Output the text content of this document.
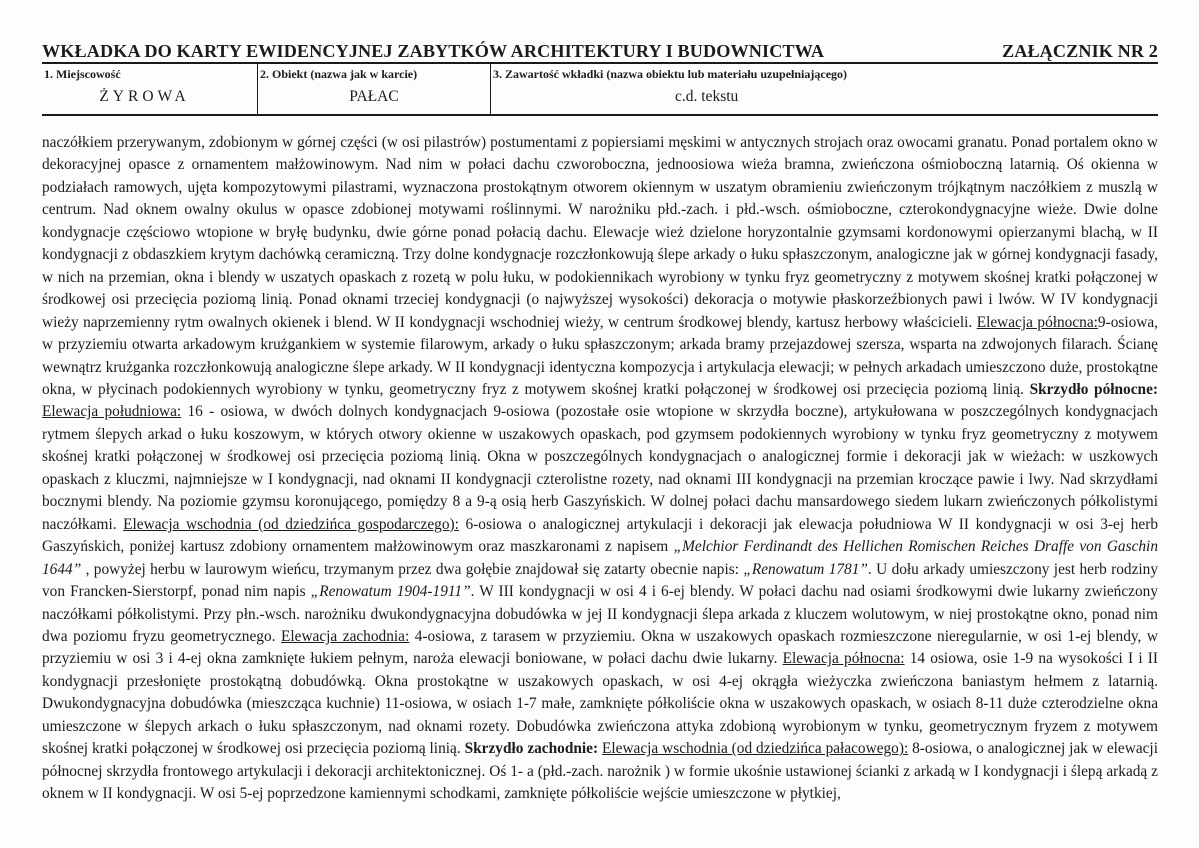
WKŁADKA DO KARTY EWIDENCYJNEJ ZABYTKÓW ARCHITEKTURY I BUDOWNICTWA	ZAŁĄCZNIK NR 2
1. Miejscowość
ŻYROWA
2. Obiekt (nazwa jak w karcie)
PAŁAC
3. Zawartość wkładki (nazwa obiektu lub materiału uzupełniającego)
c.d. tekstu

naczółkiem przerywanym, zdobionym w górnej części (w osi pilastrów) postumentami z popiersiami męskimi w antycznych strojach oraz owocami granatu. Ponad portalem okno w dekoracyjnej opasce z ornamentem małżowinowym. Nad nim w połaci dachu czworoboczna, jednoosiowa wieża bramna, zwieńczona ośmioboczną latarnią. Oś okienna w podziałach ramowych, ujęta kompozytowymi pilastrami, wyznaczona prostokątnym otworem okiennym w uszatym obramieniu zwieńczonym trójkątnym naczółkiem z muszlą w centrum. Nad oknem owalny okulus w opasce zdobionej motywami roślinnymi. W narożniku płd.-zach. i płd.-wsch. ośmioboczne, czterokondygnacyjne wieże. Dwie dolne kondygnacje częściowo wtopione w bryłę budynku, dwie górne ponad połacią dachu. Elewacje wież dzielone horyzontalnie gzymsami kordonowymi opierzanymi blachą, w II kondygnacji z obdaszkiem krytym dachówką ceramiczną. Trzy dolne kondygnacje rozczłonkowują ślepe arkady o łuku spłaszczonym, analogiczne jak w górnej kondygnacji fasady, w nich na przemian, okna i blendy w uszatych opaskach z rozetą w polu łuku, w podokiennikach wyrobiony w tynku fryz geometryczny z motywem skośnej kratki połączonej w środkowej osi przecięcia poziomą linią. Ponad oknami trzeciej kondygnacji (o najwyższej wysokości) dekoracja o motywie płaskorzeźbionych pawi i lwów. W IV kondygnacji wieży naprzemienny rytm owalnych okienek i blend. W II kondygnacji wschodniej wieży, w centrum środkowej blendy, kartusz herbowy właścicieli. Elewacja północna:9-osiowa, w przyziemiu otwarta arkadowym krużgankiem w systemie filarowym, arkady o łuku spłaszczonym; arkada bramy przejazdowej szersza, wsparta na zdwojonych filarach. Ścianę wewnątrz krużganka rozczłonkowują analogiczne ślepe arkady. W II kondygnacji identyczna kompozycja i artykulacja elewacji; w pełnych arkadach umieszczono duże, prostokątne okna, w płycinach podokiennych wyrobiony w tynku, geometryczny fryz z motywem skośnej kratki połączonej w środkowej osi przecięcia poziomą linią. Skrzydło północne: Elewacja południowa: 16 - osiowa, w dwóch dolnych kondygnacjach 9-osiowa (pozostałe osie wtopione w skrzydła boczne), artykułowana w poszczególnych kondygnacjach rytmem ślepych arkad o łuku koszowym, w których otwory okienne w uszakowych opaskach, pod gzymsem podokiennych wyrobiony w tynku fryz geometryczny z motywem skośnej kratki połączonej w środkowej osi przecięcia poziomą linią. Okna w poszczególnych kondygnacjach o analogicznej formie i dekoracji jak w wieżach: w uszkowych opaskach z kluczmi, najmniejsze w I kondygnacji, nad oknami II kondygnacji czterolistne rozety, nad oknami III kondygnacji na przemian kroczące pawie i lwy. Nad skrzydłami bocznymi blendy. Na poziomie gzymsu koronującego, pomiędzy 8 a 9-ą osią herb Gaszyńskich. W dolnej połaci dachu mansardowego siedem lukarn zwieńczonych półkolistymi naczółkami. Elewacja wschodnia (od dziedzińca gospodarczego): 6-osiowa o analogicznej artykulacji i dekoracji jak elewacja południowa W II kondygnacji w osi 3-ej herb Gaszyńskich, poniżej kartusz zdobiony ornamentem małżowinowym oraz maszkaronami z napisem „Melchior Ferdinandt des Hellichen Romischen Reiches Draffe von Gaschin 1644” , powyżej herbu w laurowym wieńcu, trzymanym przez dwa gołębie znajdował się zatarty obecnie napis: „Renowatum 1781”. U dołu arkady umieszczony jest herb rodziny von Francken-Sierstorpf, ponad nim napis „Renowatum 1904-1911”. W III kondygnacji w osi 4 i 6-ej blendy. W połaci dachu nad osiami środkowymi dwie lukarny zwieńczony naczółkami półkolistymi. Przy płn.-wsch. narożniku dwukondygnacyjna dobudówka w jej II kondygnacji ślepa arkada z kluczem wolutowym, w niej prostokątne okno, ponad nim dwa poziomu fryzu geometrycznego. Elewacja zachodnia: 4-osiowa, z tarasem w przyziemiu. Okna w uszakowych opaskach rozmieszczone nieregularnie, w osi 1-ej blendy, w przyziemiu w osi 3 i 4-ej okna zamknięte łukiem pełnym, naroża elewacji boniowane, w połaci dachu dwie lukarny. Elewacja północna: 14 osiowa, osie 1-9 na wysokości I i II kondygnacji przesłonięte prostokątną dobudówką. Okna prostokątne w uszakowych opaskach, w osi 4-ej okrągła wieżyczka zwieńczona baniastym hełmem z latarnią. Dwukondygnacyjna dobudówka (mieszcząca kuchnie) 11-osiowa, w osiach 1-7 małe, zamknięte półkoliście okna w uszakowych opaskach, w osiach 8-11 duże czterodzielne okna umieszczone w ślepych arkach o łuku spłaszczonym, nad oknami rozety. Dobudówka zwieńczona attyka zdobioną wyrobionym w tynku, geometrycznym fryzem z motywem skośnej kratki połączonej w środkowej osi przecięcia poziomą linią. Skrzydło zachodnie: Elewacja wschodnia (od dziedzińca pałacowego): 8-osiowa, o analogicznej jak w elewacji północnej skrzydła frontowego artykulacji i dekoracji architektonicznej. Oś 1- a (płd.-zach. narożnik ) w formie ukośnie ustawionej ścianki z arkadą w I kondygnacji i ślepą arkadą z oknem w II kondygnacji. W osi 5-ej poprzedzone kamiennymi schodkami, zamknięte półkoliście wejście umieszczone w płytkiej,
